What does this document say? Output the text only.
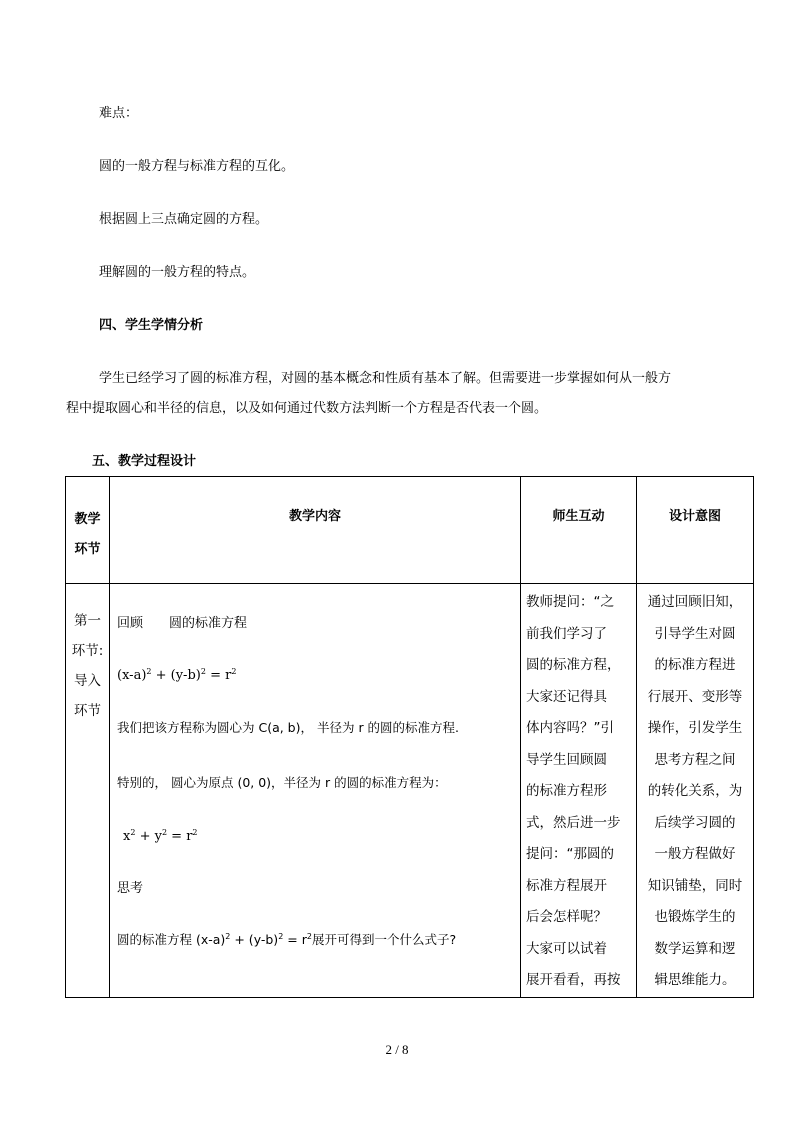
难点：
圆的一般方程与标准方程的互化。
根据圆上三点确定圆的方程。
理解圆的一般方程的特点。
四、学生学情分析
学生已经学习了圆的标准方程，对圆的基本概念和性质有基本了解。但需要进一步掌握如何从一般方
程中提取圆心和半径的信息，以及如何通过代数方法判断一个方程是否代表一个圆。
五、教学过程设计
教学
环节
教学内容	师生互动	设计意图
第一
环节:
导入
环节
回顾 圆的标准方程
$(x-a)^2 + (y-b)^2 = r^2$
我们把该方程称为圆心为 C(a, b)， 半径为 r 的圆的标准方程.
特别的， 圆心为原点 (0, 0)，半径为 r 的圆的标准方程为：
$x^2 + y^2 = r^2$
思考
圆的标准方程 $(x-a)^2 + (y-b)^2 = r^2$展开可得到一个什么式子?
教师提问：“之
前我们学习了
圆的标准方程，
大家还记得具
体内容吗？”引
导学生回顾圆
的标准方程形
式，然后进一步
提问：“那圆的
标准方程展开
后会怎样呢？
大家可以试着
展开看看，再按
通过回顾旧知，
引导学生对圆
的标准方程进
行展开、变形等
操作，引发学生
思考方程之间
的转化关系，为
后续学习圆的
一般方程做好
知识铺垫，同时
也锻炼学生的
数学运算和逻
辑思维能力。
2 / 8
